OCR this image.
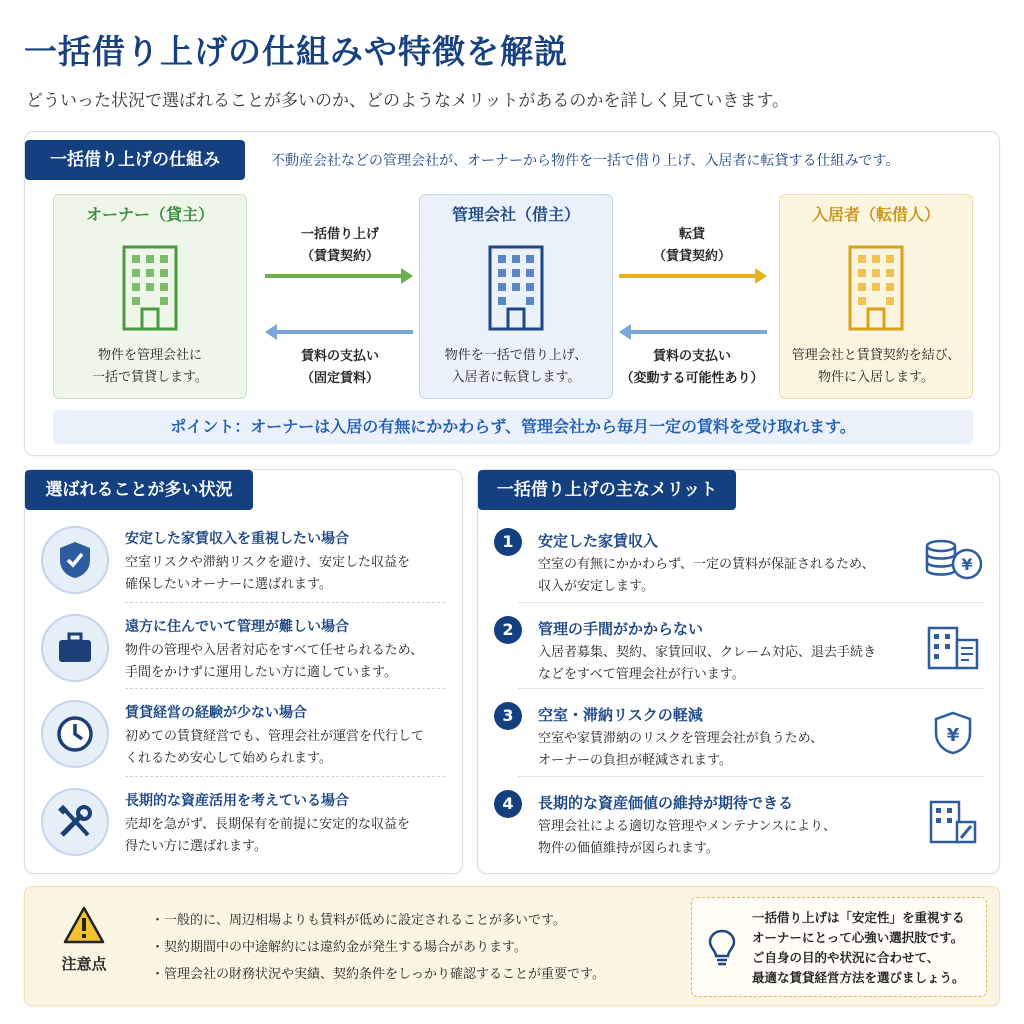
一括借り上げの仕組みや特徴を解説
どういった状況で選ばれることが多いのか、どのようなメリットがあるのかを詳しく見ていきます。
一括借り上げの仕組み	不動産会社などの管理会社が、オーナーから物件を一括で借り上げ、入居者に転貸する仕組みです。
オーナー（貸主）
物件を管理会社に
一括で賃貸します。
一括借り上げ
（賃貸契約）
賃料の支払い
（固定賃料）
管理会社（借主）
物件を一括で借り上げ、
入居者に転貸します。
転貸
（賃貸契約）
賃料の支払い
（変動する可能性あり）
入居者（転借人）
管理会社と賃貸契約を結び、
物件に入居します。
ポイント：オーナーは入居の有無にかかわらず、管理会社から毎月一定の賃料を受け取れます。
選ばれることが多い状況
安定した家賃収入を重視したい場合
空室リスクや滞納リスクを避け、安定した収益を
確保したいオーナーに選ばれます。
遠方に住んでいて管理が難しい場合
物件の管理や入居者対応をすべて任せられるため、
手間をかけずに運用したい方に適しています。
賃貸経営の経験が少ない場合
初めての賃貸経営でも、管理会社が運営を代行して
くれるため安心して始められます。
長期的な資産活用を考えている場合
売却を急がず、長期保有を前提に安定的な収益を
得たい方に選ばれます。
一括借り上げの主なメリット
1	安定した家賃収入
空室の有無にかかわらず、一定の賃料が保証されるため、
収入が安定します。
¥
2	管理の手間がかからない
入居者募集、契約、家賃回収、クレーム対応、退去手続き
などをすべて管理会社が行います。
3	空室・滞納リスクの軽減
空室や家賃滞納のリスクを管理会社が負うため、
オーナーの負担が軽減されます。
¥
4	長期的な資産価値の維持が期待できる
管理会社による適切な管理やメンテナンスにより、
物件の価値維持が図られます。
注意点
・一般的に、周辺相場よりも賃料が低めに設定されることが多いです。
・契約期間中の中途解約には違約金が発生する場合があります。
・管理会社の財務状況や実績、契約条件をしっかり確認することが重要です。
一括借り上げは「安定性」を重視する
オーナーにとって心強い選択肢です。
ご自身の目的や状況に合わせて、
最適な賃貸経営方法を選びましょう。
